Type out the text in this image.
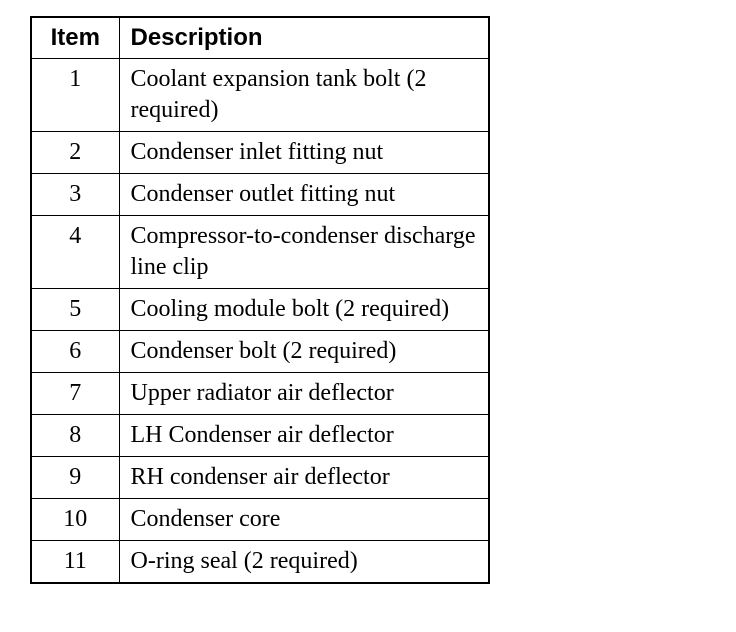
Item	Description
1	Coolant expansion tank bolt (2 required)
2	Condenser inlet fitting nut
3	Condenser outlet fitting nut
4	Compressor-to-condenser discharge line clip
5	Cooling module bolt (2 required)
6	Condenser bolt (2 required)
7	Upper radiator air deflector
8	LH Condenser air deflector
9	RH condenser air deflector
10	Condenser core
11	O-ring seal (2 required)
